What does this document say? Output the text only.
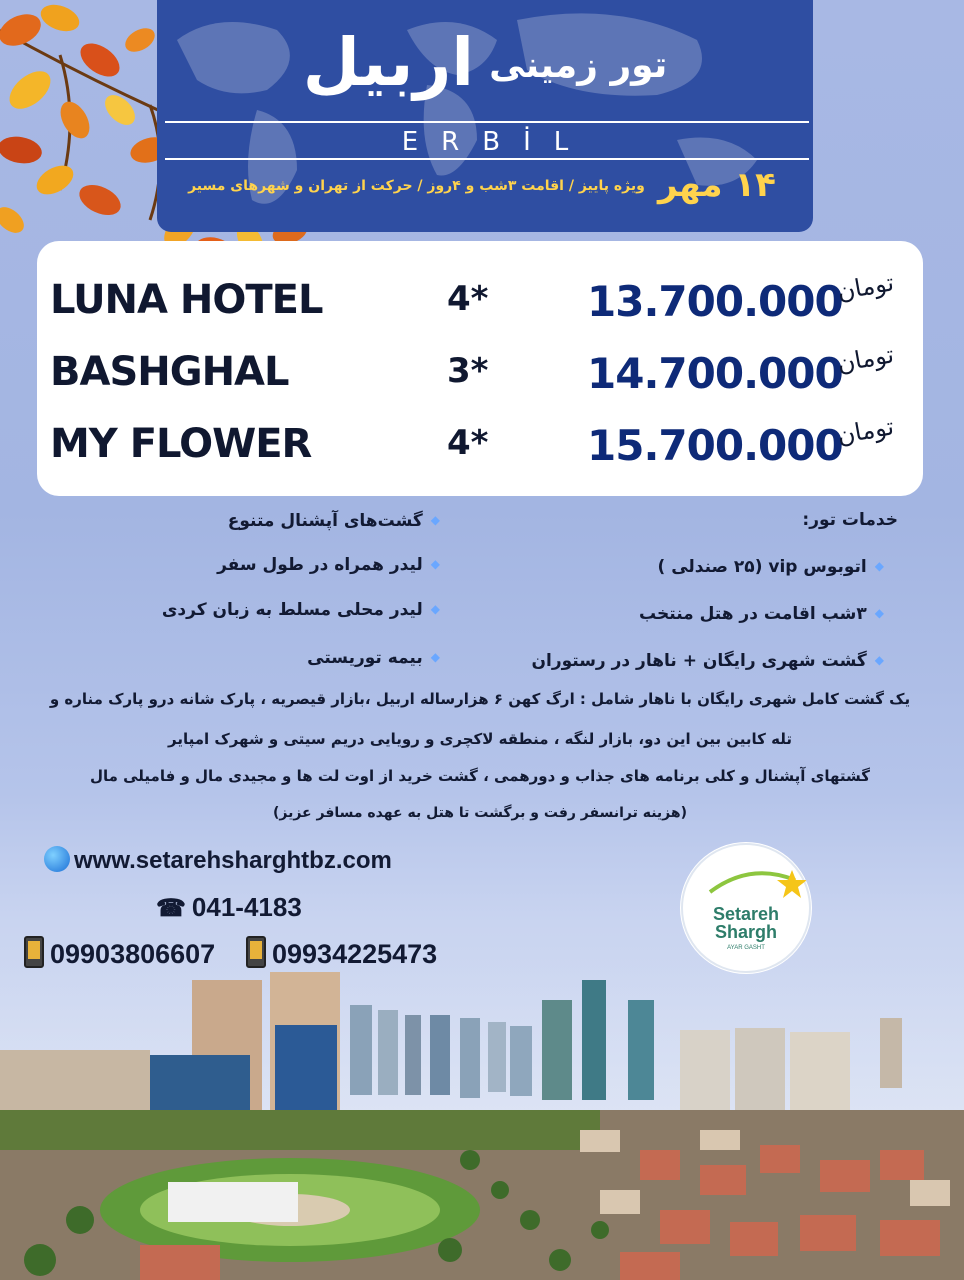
تور زمینی اربیل
ERBİL
۱۴ مهر ویژه پاییز / اقامت ۳شب و ۴روز / حرکت از تهران و شهرهای مسیر
LUNA HOTEL	4* 13.700.000
تومان
BASHGHAL	3* 14.700.000
تومان
MY FLOWER	4* 15.700.000
تومان
خدمات تور:
◆اتوبوس vip (۲۵ صندلی )
◆۳شب اقامت در هتل منتخب
◆گشت شهری رایگان + ناهار در رستوران
◆گشت‌های آپشنال متنوع
◆لیدر همراه در طول سفر
◆لیدر محلی مسلط به زبان کردی
◆بیمه توریستی
یک گشت کامل شهری رایگان با ناهار شامل : ارگ کهن ۶ هزارساله اربیل ،بازار قیصریه ، پارک شانه درو پارک مناره و
تله کابین بین این دو، بازار لنگه ، منطقه لاکچری و رویایی دریم سیتی و شهرک امپایر
گشتهای آپشنال و کلی برنامه های جذاب و دورهمی ، گشت خرید از اوت لت ها و مجیدی مال و فامیلی مال
(هزینه ترانسفر رفت و برگشت تا هتل به عهده مسافر عزیز)
www.setarehsharghtbz.com
☎ 041-4183
09903806607	09934225473
Setareh
Shargh
AYAR GASHT
